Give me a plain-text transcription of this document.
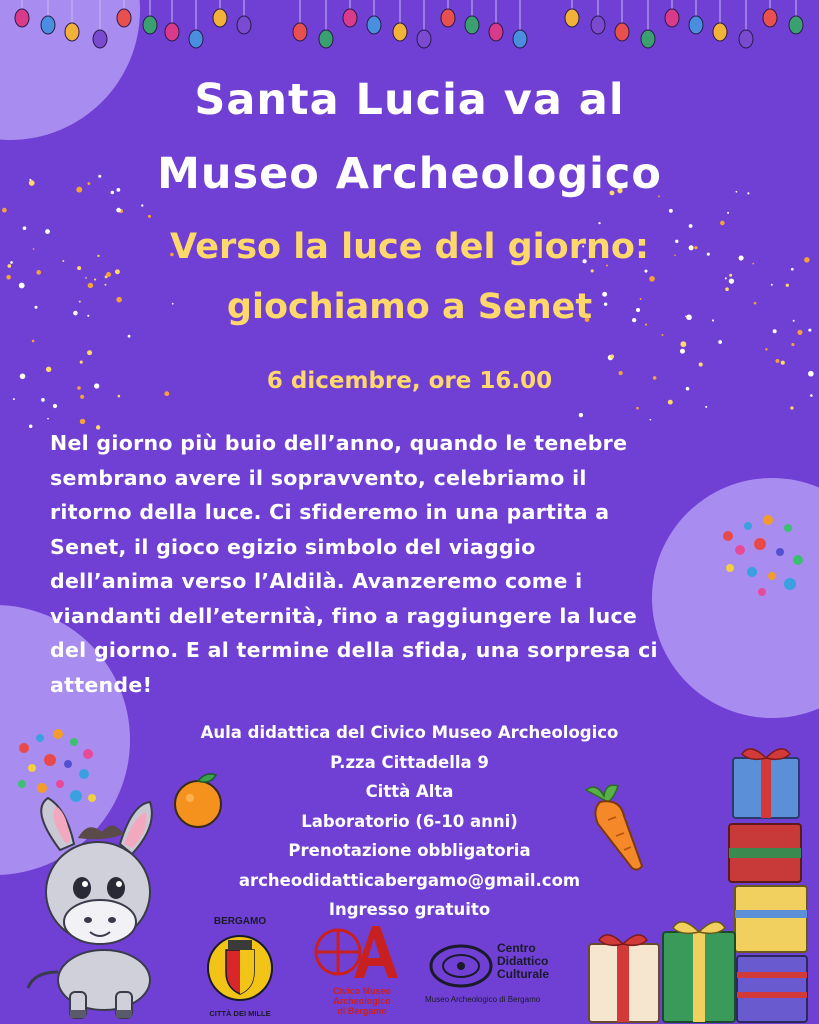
Santa Lucia va al
Museo Archeologico
Verso la luce del giorno:
giochiamo a Senet
6 dicembre, ore 16.00
Nel giorno più buio dell’anno, quando le tenebre
sembrano avere il sopravvento, celebriamo il
ritorno della luce. Ci sfideremo in una partita a
Senet, il gioco egizio simbolo del viaggio
dell’anima verso l’Aldilà. Avanzeremo come i
viandanti dell’eternità, fino a raggiungere la luce
del giorno. E al termine della sfida, una sorpresa ci
attende!
Aula didattica del Civico Museo Archeologico
P.zza Cittadella 9
Città Alta
Laboratorio (6-10 anni)
Prenotazione obbligatoria
archeodidatticabergamo@gmail.com
Ingresso gratuito
BERGAMO
CITTÀ DEI MILLE
Civico Museo
Archeologico
di Bergamo
Centro
Didattico
Culturale
Museo Archeologico di Bergamo
